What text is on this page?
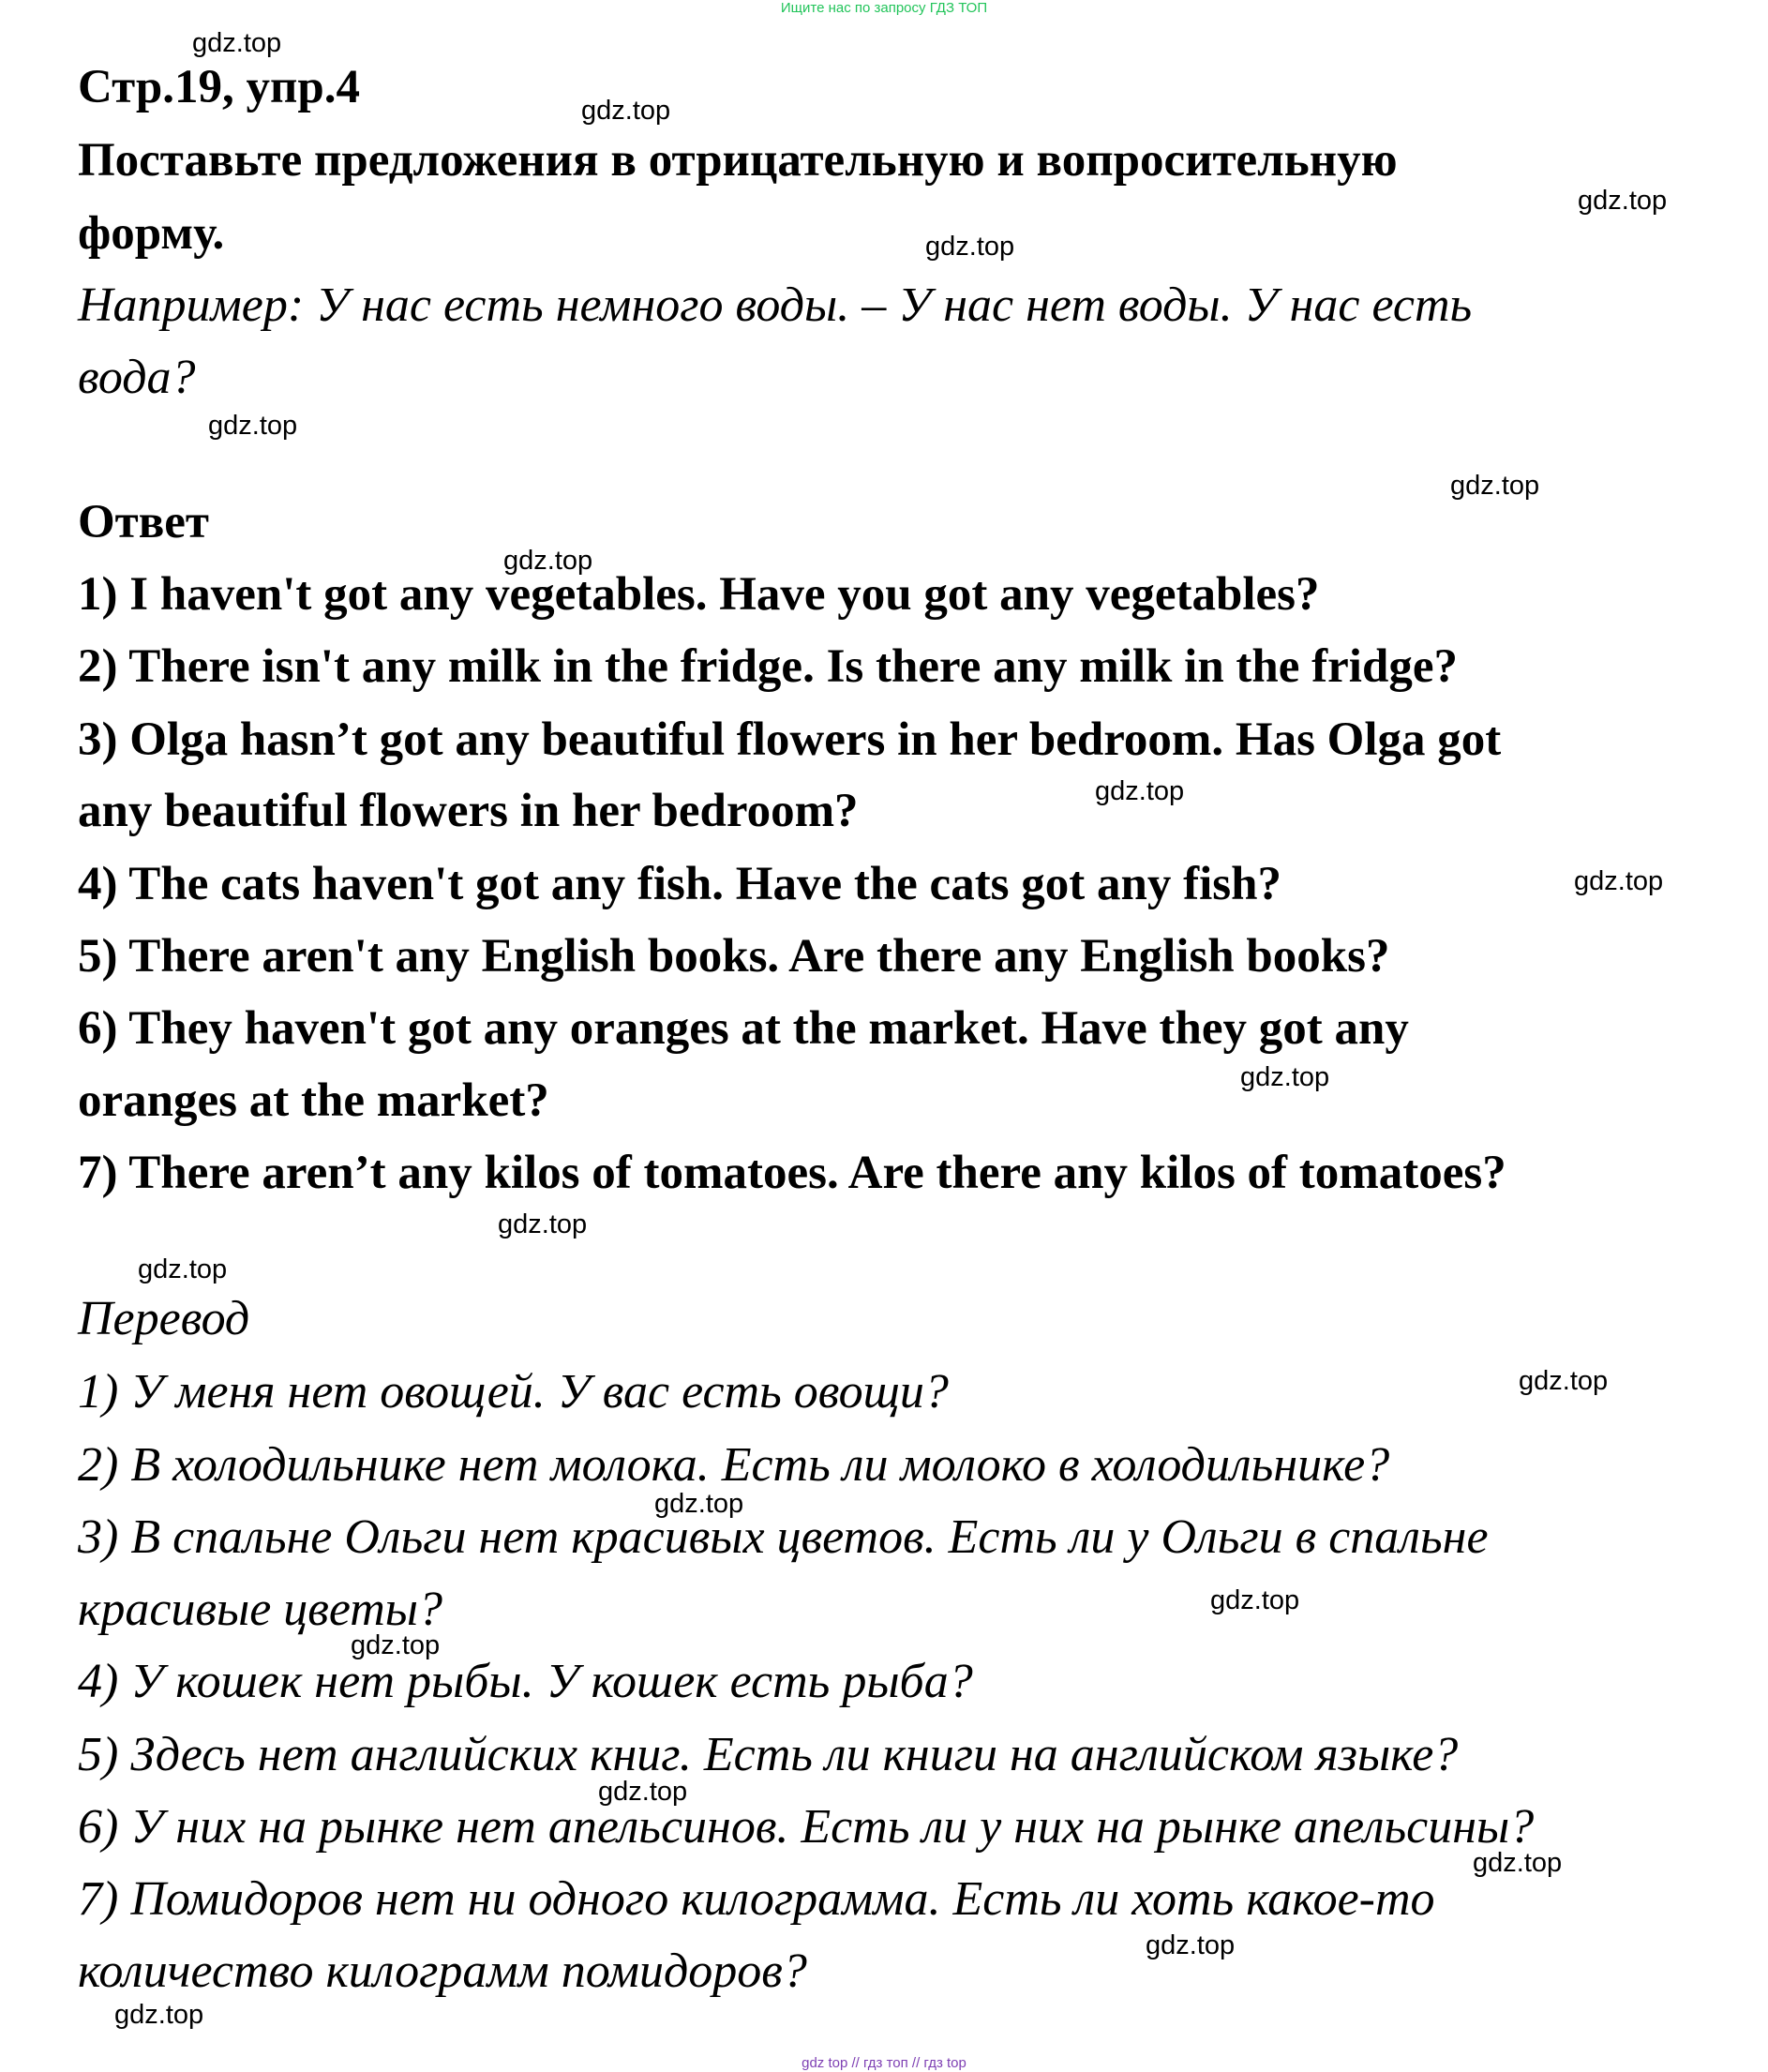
Ищите нас по запросу ГДЗ ТОП
Стр.19, упр.4
Поставьте предложения в отрицательную и вопросительную
форму.
Например: У нас есть немного воды. – У нас нет воды. У нас есть
вода?
Ответ
1) I haven't got any vegetables. Have you got any vegetables?
2) There isn't any milk in the fridge. Is there any milk in the fridge?
3) Olga hasn’t got any beautiful flowers in her bedroom. Has Olga got
any beautiful flowers in her bedroom?
4) The cats haven't got any fish. Have the cats got any fish?
5) There aren't any English books. Are there any English books?
6) They haven't got any oranges at the market. Have they got any
oranges at the market?
7) There aren’t any kilos of tomatoes. Are there any kilos of tomatoes?
Перевод
1) У меня нет овощей. У вас есть овощи?
2) В холодильнике нет молока. Есть ли молоко в холодильнике?
3) В спальне Ольги нет красивых цветов. Есть ли у Ольги в спальне
красивые цветы?
4) У кошек нет рыбы. У кошек есть рыба?
5) Здесь нет английских книг. Есть ли книги на английском языке?
6) У них на рынке нет апельсинов. Есть ли у них на рынке апельсины?
7) Помидоров нет ни одного килограмма. Есть ли хоть какое-то
количество килограмм помидоров?
gdz.top
gdz.top
gdz.top
gdz.top
gdz.top
gdz.top
gdz.top
gdz.top
gdz.top
gdz.top
gdz.top
gdz.top
gdz.top
gdz.top
gdz.top
gdz.top
gdz.top
gdz.top
gdz.top
gdz.top
gdz top // гдз топ // гдз top
